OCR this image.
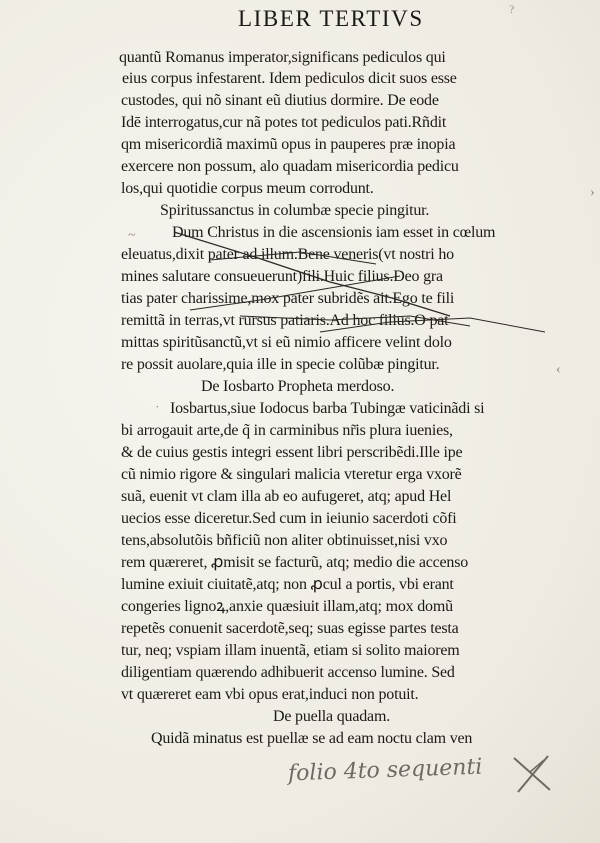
LIBER TERTIVS	?
quantũ Romanus imperator,significans pediculos qui
eius corpus infestarent. Idem pediculos dicit suos esse
custodes, qui nõ sinant eũ diutius dormire. De eode
Idē interrogatus,cur nã potes tot pediculos pati.Rñdit
qm misericordiã maximũ opus in pauperes præ inopia
exercere non possum, alo quadam misericordia pedicu
los,qui quotidie corpus meum corrodunt.
Spiritussanctus in columbæ specie pingitur.
Dum Christus in die ascensionis iam esset in cœlum
eleuatus,dixit pater ad illum.Bene veneris(vt nostri ho
mines salutare consueuerunt)fili.Huic filius.Deo gra
tias pater charissime,mox pater subridẽs ait.Ego te fili
remittã in terras,vt rursus patiaris.Ad hoc filius.O pat
mittas spiritũsanctũ,vt si eũ nimio afficere velint dolo
re possit auolare,quia ille in specie colũbæ pingitur.
De Iosbarto Propheta merdoso.
Iosbartus,siue Iodocus barba Tubingæ vaticinãdi si
bi arrogauit arte,de q̃ in carminibus nr̃is plura iuenies,
& de cuius gestis integri essent libri perscribẽdi.Ille ipe
cũ nimio rigore & singulari malicia vteretur erga vxorẽ
suã, euenit vt clam illa ab eo aufugeret, atq; apud Hel
uecios esse diceretur.Sed cum in ieiunio sacerdoti cõfi
tens,absolutõis bñficiũ non aliter obtinuisset,nisi vxo
rem quæreret, ꝓmisit se facturũ, atq; medio die accenso
lumine exiuit ciuitatẽ,atq; non ꝓcul a portis, vbi erant
congeries lignoꝝ,anxie quæsiuit illam,atq; mox domũ
repetẽs conuenit sacerdotẽ,seq; suas egisse partes testa
tur, neq; vspiam illam inuentã, etiam si solito maiorem
diligentiam quærendo adhibuerit accenso lumine. Sed
vt quæreret eam vbi opus erat,induci non potuit.
De puella quadam.
Quidã minatus est puellæ se ad eam noctu clam ven
~
›
‹
˙
folio 4to sequenti
